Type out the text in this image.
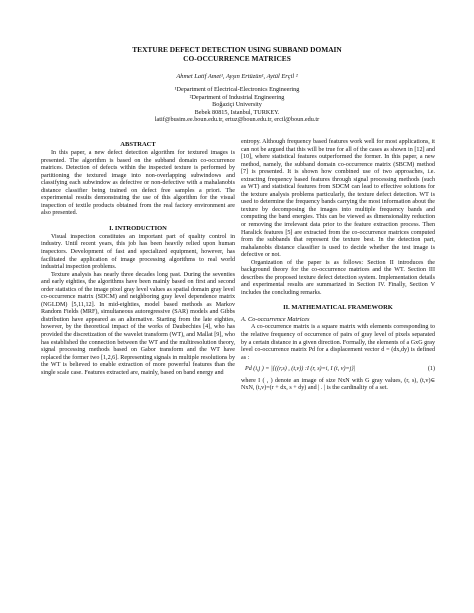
TEXTURE DEFECT DETECTION USING SUBBAND DOMAIN
CO-OCCURRENCE MATRICES
Ahmet Latif Amet¹, Ayşın Ertüzün¹, Aytül Erçil ²
¹Department of Electrical-Electronics Engineering
²Department of Industrial Engineering
Boğaziçi University
Bebek 80815, Istanbul, TURKEY.
latif@busim.ee.boun.edu.tr, ertuz@boun.edu.tr, ercil@boun.edu.tr
ABSTRACT

In this paper, a new defect detection algorithm for textured images is presented. The algorithm is based on the subband domain co-occurrence matrices. Detection of defects within the inspected texture is performed by partitioning the textured image into non-overlapping subwindows and classifying each subwindow as defective or non-defective with a mahalanobis distance classifier being trained on defect free samples a priori. The experimental results demonstrating the use of this algorithm for the visual inspection of textile products obtained from the real factory environment are also presented.

I. INTRODUCTION

Visual inspection constitutes an important part of quality control in industry. Until recent years, this job has been heavily relied upon human inspectors. Development of fast and specialized equipment, however, has facilitated the application of image processing algorithms to real world industrial inspection problems.

Texture analysis has nearly three decades long past. During the seventies and early eighties, the algorithms have been mainly based on first and second order statistics of the image pixel gray level values as spatial domain gray level co-occurrence matrix (SDCM) and neighboring gray level dependence matrix (NGLDM) [5,11,12]. In mid-eighties, model based methods as Markov Random Fields (MRF), simultaneous autoregressive (SAR) models and Gibbs distribution have appeared as an alternative. Starting from the late eighties, however, by the theoretical impact of the works of Daubechies [4], who has provided the discretization of the wavelet transform (WT), and Mallat [9], who has established the connection between the WT and the multiresolution theory, signal processing methods based on Gabor transform and the WT have replaced the former two [1,2,6]. Representing signals in multiple resolutions by the WT is believed to enable extraction of more powerful features than the single scale case. Features extracted are, mainly, based on band energy and

entropy. Although frequency based features work well for most applications, it can not be argued that this will be true for all of the cases as shown in [12] and [10], where statistical features outperformed the former. In this paper, a new method, namely, the subband domain co-occurrence matrix (SBCM) method [7] is presented. It is shown how combined use of two approaches, i.e. extracting frequency based features through signal processing methods (such as WT) and statistical features from SDCM can lead to effective solutions for the texture analysis problems particularly, the texture defect detection. WT is used to determine the frequency bands carrying the most information about the texture by decomposing the images into multiple frequency bands and computing the band energies. This can be viewed as dimensionality reduction or removing the irrelevant data prior to the feature extraction process. Then Haralick features [5] are extracted from the co-occurrence matrices computed from the subbands that represent the texture best. In the detection part, mahalanobis distance classifier is used to decide whether the test image is defective or not.

Organization of the paper is as follows: Section II introduces the background theory for the co-occurrence matrices and the WT. Section III describes the proposed texture defect detection system. Implementation details and experimental results are summarized in Section IV. Finally, Section V includes the concluding remarks.

II. MATHEMATICAL FRAMEWORK
A. Co-occurrence Matrices

A co-occurrence matrix is a square matrix with elements corresponding to the relative frequency of occurrence of pairs of gray level of pixels separated by a certain distance in a given direction. Formally, the elements of a GxG gray level co-occurrence matrix Pd for a displacement vector d = (dx,dy) is defined as :

Pd (i,j ) = |{((r,s) , (t,v)) :I (r, s)=i, I (t, v)=j}|	(1)

where I ( , ) denote an image of size NxN with G gray values, (r, s), (t,v)∈ NxN, (t,v)=(r + dx, s + dy) and | . | is the cardinality of a set.
